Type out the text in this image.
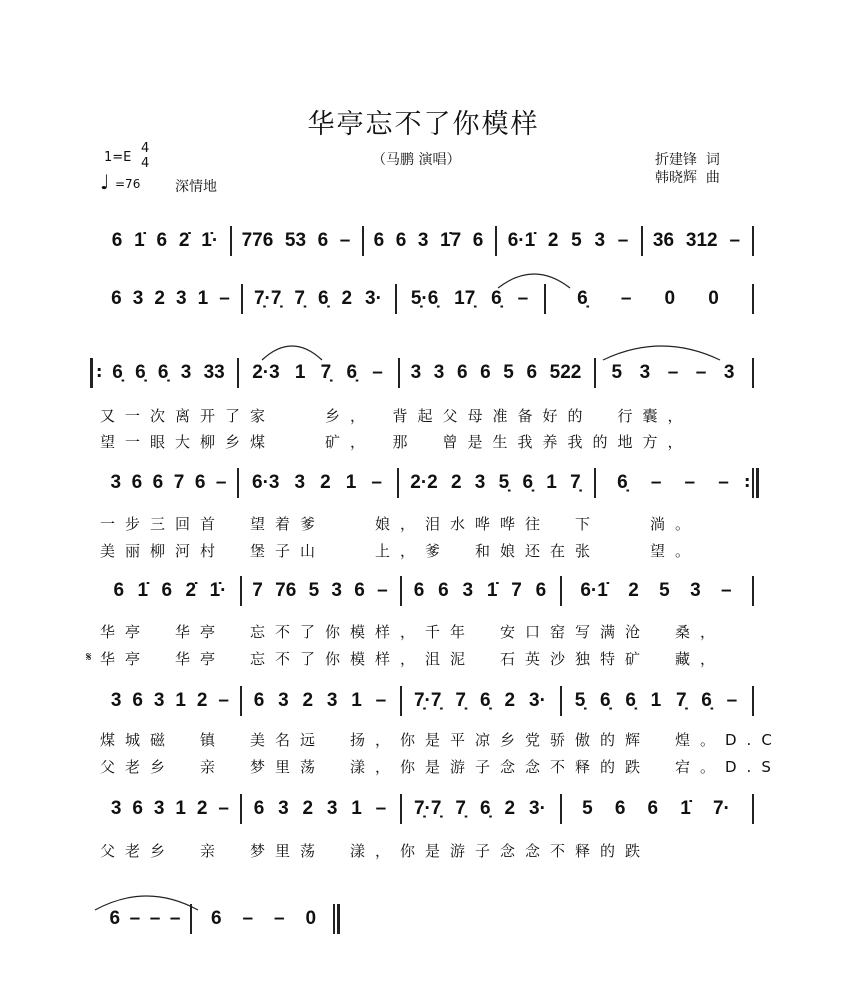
华亭忘不了你模样
（马鹏 演唱）
1=E
4
4
♩ =76 深情地
折建锋  词
韩晓辉  曲
6 1̇ 6 2̇ 1̇· 776 53 6 – 6 6 3 1̇7 6 6·1̇ 2 5 3 – 36 312 –
6 3 2 3 1 – 7̣·7̣ 7̣ 6̣ 2 3· 5̣·6̣ 17̣ 6̣ –	6̣ – 0 0
6̣ 6̣ 6̣ 3 33 2·3 1 7̣ 6̣ – 3 3 6 6 5 6 522 5 3 – – 3
3 6 6 7 6 – 6·3 3 2 1 – 2·2 2 3 5̣ 6̣ 1 7̣ 6̣ – – –
6 1̇ 6 2̇ 1̇· 7 76 5 3 6 – 6 6 3 1̇ 7 6 6·1̇ 2 5 3 –
3 6 3 1 2 – 6 3 2 3 1 – 7̣·7̣ 7̣ 6̣ 2 3· 5̣ 6̣ 6̣ 1 7̣ 6̣ –
3 6 3 1 2 – 6 3 2 3 1 – 7̣·7̣ 7̣ 6̣ 2 3· 5 6 6 1̇ 7·
6 – – – 6 – – 0
:
:
又一次离开了家　　乡，　背起父母准备好的　行囊，
望一眼大柳乡煤　　矿，　那　曾是生我养我的地方，
一步三回首　望着爹　　娘，泪水哗哗往　下　　淌。
美丽柳河村　堡子山　　上，爹　和娘还在张　　望。
华亭　华亭　忘不了你模样，千年　安口窑写满沧　桑，
华亭　华亭　忘不了你模样，沮泥　石英沙独特矿　藏，
煤城磁　镇　美名远　扬，你是平凉乡党骄傲的辉　煌。D.C
父老乡　亲　梦里荡　漾，你是游子念念不释的跌　宕。D.S
父老乡　亲　梦里荡　漾，你是游子念念不释的跌
𝄋
